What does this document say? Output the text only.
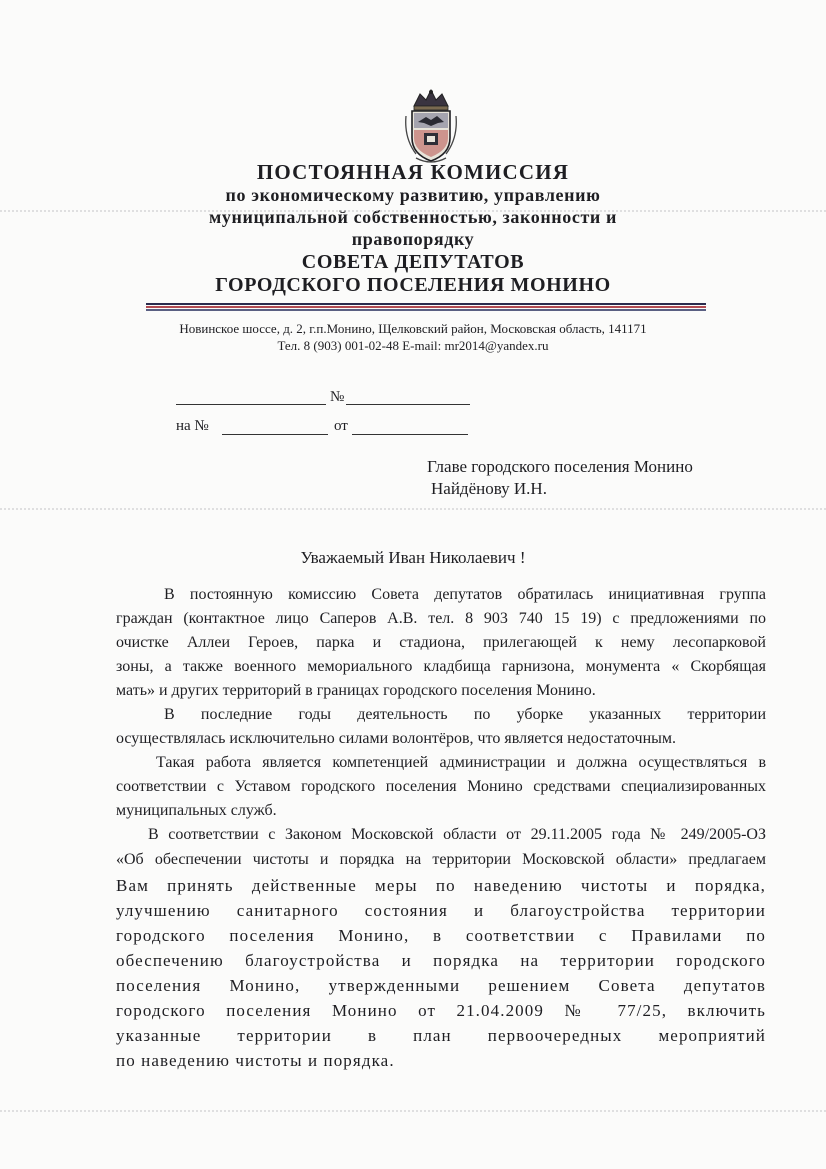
ПОСТОЯННАЯ КОМИССИЯ
по экономическому развитию, управлению
муниципальной собственностью, законности и
правопорядку
СОВЕТА ДЕПУТАТОВ
ГОРОДСКОГО ПОСЕЛЕНИЯ МОНИНО
Новинское шоссе, д. 2, г.п.Монино, Щелковский район, Московская область, 141171
Тел. 8 (903) 001-02-48 E-mail: mr2014@yandex.ru
№
на №	от
Главе городского поселения Монино
Найдёнову И.Н.
Уважаемый Иван Николаевич !
В постоянную комиссию Совета депутатов обратилась инициативная группа
граждан (контактное лицо Саперов А.В. тел. 8 903 740 15 19) с предложениями по
очистке Аллеи Героев, парка и стадиона, прилегающей к нему лесопарковой
зоны, а также военного мемориального кладбища гарнизона, монумента « Скорбящая
мать» и других территорий в границах городского поселения Монино.
В последние годы деятельность по уборке указанных территории
осуществлялась исключительно силами волонтёров, что является недостаточным.
Такая работа является компетенцией администрации и должна осуществляться в
соответствии с Уставом городского поселения Монино средствами специализированных
муниципальных служб.
В соответствии с Законом Московской области от 29.11.2005 года № 249/2005-ОЗ
«Об обеспечении чистоты и порядка на территории Московской области» предлагаем
Вам принять действенные меры по наведению чистоты и порядка,
улучшению санитарного состояния и благоустройства территории
городского поселения Монино, в соответствии с Правилами по
обеспечению благоустройства и порядка на территории городского
поселения Монино, утвержденными решением Совета депутатов
городского поселения Монино от 21.04.2009 № 77/25, включить
указанные территории в план первоочередных мероприятий
по наведению чистоты и порядка.
